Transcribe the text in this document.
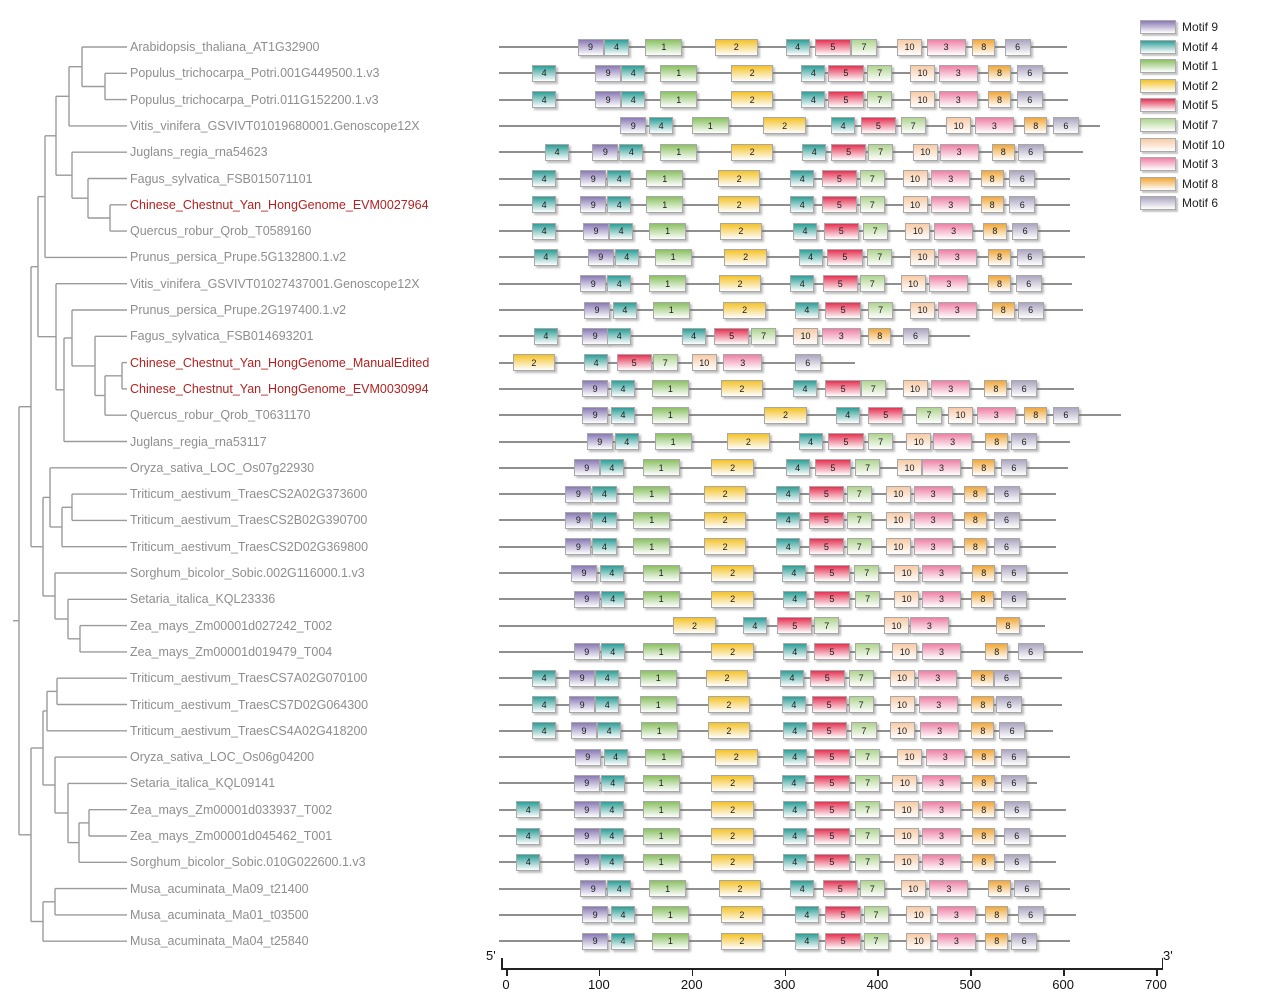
Arabidopsis_thaliana_AT1G32900
Populus_trichocarpa_Potri.001G449500.1.v3
Populus_trichocarpa_Potri.011G152200.1.v3
Vitis_vinifera_GSVIVT01019680001.Genoscope12X
Juglans_regia_rna54623
Fagus_sylvatica_FSB015071101
Chinese_Chestnut_Yan_HongGenome_EVM0027964
Quercus_robur_Qrob_T0589160
Prunus_persica_Prupe.5G132800.1.v2
Vitis_vinifera_GSVIVT01027437001.Genoscope12X
Prunus_persica_Prupe.2G197400.1.v2
Fagus_sylvatica_FSB014693201
Chinese_Chestnut_Yan_HongGenome_ManualEdited
Chinese_Chestnut_Yan_HongGenome_EVM0030994
Quercus_robur_Qrob_T0631170
Juglans_regia_rna53117
Oryza_sativa_LOC_Os07g22930
Triticum_aestivum_TraesCS2A02G373600
Triticum_aestivum_TraesCS2B02G390700
Triticum_aestivum_TraesCS2D02G369800
Sorghum_bicolor_Sobic.002G116000.1.v3
Setaria_italica_KQL23336
Zea_mays_Zm00001d027242_T002
Zea_mays_Zm00001d019479_T004
Triticum_aestivum_TraesCS7A02G070100
Triticum_aestivum_TraesCS7D02G064300
Triticum_aestivum_TraesCS4A02G418200
Oryza_sativa_LOC_Os06g04200
Setaria_italica_KQL09141
Zea_mays_Zm00001d033937_T002
Zea_mays_Zm00001d045462_T001
Sorghum_bicolor_Sobic.010G022600.1.v3
Musa_acuminata_Ma09_t21400
Musa_acuminata_Ma01_t03500
Musa_acuminata_Ma04_t25840
9 4	1	2	4	5	7	10	3	8	6
4	9 4	1	2	4	5	7	10	3	8	6
4	9 4	1	2	4	5	7	10	3	8	6
9	4	1	2	4	5	7	10	3	8	6
4	9 4	1	2	4	5	7	10	3	8 6
4	9 4	1	2	4	5	7	10	3	8	6
4	9 4	1	2	4	5	7	10	3	8	6
4	9 4	1	2	4	5	7	10	3	8	6
4	9 4	1	2	4	5	7	10	3	8	6
9 4	1	2	4	5	7	10	3	8	6
9	4	1	2	4	5	7	10	3	8 6
4	9 4	4	5	7	10	3	8	6
2	4	5	7	10	3	6
9	4	1	2	4	5	7	10	3	8	6
9	4	1	2	4	5	7	10	3	8	6
9 4	1	2	4	5	7	10	3	8 6
9 4	1	2	4	5	7	10	3	8	6
9 4	1	2	4	5	7	10	3	8	6
9 4	1	2	4	5	7	10	3	8	6
9 4	1	2	4	5	7	10	3	8	6
9	4	1	2	4	5	7	10	3	8	6
9 4	1	2	4	5	7	10	3	8	6
2	4	5	7	10	3	8
9 4	1	2	4	5	7	10	3	8	6
4	9 4	1	2	4	5	7	10	3	8 6
4	9 4	1	2	4	5	7	10	3	8 6
4	9 4	1	2	4	5	7	10	3	8	6
9	4	1	2	4	5	7	10	3	8	6
9 4	1	2	4	5	7	10	3	8	6
4	9 4	1	2	4	5	7	10	3	8	6
4	9 4	1	2	4	5	7	10	3	8	6
4	9 4	1	2	4	5	7	10	3	8	6
9 4	1	2	4	5	7	10	3	8 6
9	4	1	2	4	5	7	10	3	8	6
9	4	1	2	4	5	7	10	3	8 6
5'	3'
0	100	200	300	400	500	600	700
Motif 9
Motif 4
Motif 1
Motif 2
Motif 5
Motif 7
Motif 10
Motif 3
Motif 8
Motif 6
